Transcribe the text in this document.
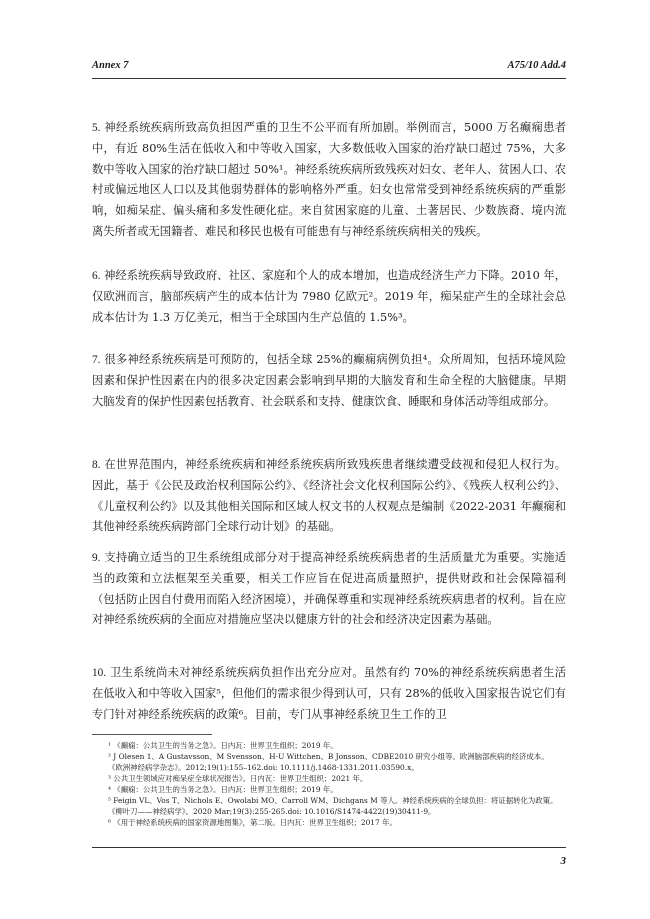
Annex 7	A75/10 Add.4

5. 神经系统疾病所致高负担因严重的卫生不公平而有所加剧。举例而言，5000 万名癫痫患者中，有近 80%生活在低收入和中等收入国家，大多数低收入国家的治疗缺口超过 75%，大多数中等收入国家的治疗缺口超过 50%¹。神经系统疾病所致残疾对妇女、老年人、贫困人口、农村或偏远地区人口以及其他弱势群体的影响格外严重。妇女也常常受到神经系统疾病的严重影响，如痴呆症、偏头痛和多发性硬化症。来自贫困家庭的儿童、土著居民、少数族裔、境内流离失所者或无国籍者、难民和移民也极有可能患有与神经系统疾病相关的残疾。

6. 神经系统疾病导致政府、社区、家庭和个人的成本增加，也造成经济生产力下降。2010 年，仅欧洲而言，脑部疾病产生的成本估计为 7980 亿欧元²。2019 年，痴呆症产生的全球社会总成本估计为 1.3 万亿美元，相当于全球国内生产总值的 1.5%³。

7. 很多神经系统疾病是可预防的，包括全球 25%的癫痫病例负担⁴。众所周知，包括环境风险因素和保护性因素在内的很多决定因素会影响到早期的大脑发育和生命全程的大脑健康。早期大脑发育的保护性因素包括教育、社会联系和支持、健康饮食、睡眠和身体活动等组成部分。

8. 在世界范围内，神经系统疾病和神经系统疾病所致残疾患者继续遭受歧视和侵犯人权行为。因此，基于《公民及政治权利国际公约》、《经济社会文化权利国际公约》、《残疾人权利公约》、《儿童权利公约》以及其他相关国际和区域人权文书的人权观点是编制《2022-2031 年癫痫和其他神经系统疾病跨部门全球行动计划》的基础。

9. 支持确立适当的卫生系统组成部分对于提高神经系统疾病患者的生活质量尤为重要。实施适当的政策和立法框架至关重要，相关工作应旨在促进高质量照护，提供财政和社会保障福利（包括防止因自付费用而陷入经济困境），并确保尊重和实现神经系统疾病患者的权利。旨在应对神经系统疾病的全面应对措施应坚决以健康方针的社会和经济决定因素为基础。

10. 卫生系统尚未对神经系统疾病负担作出充分应对。虽然有约 70%的神经系统疾病患者生活在低收入和中等收入国家⁵，但他们的需求很少得到认可，只有 28%的低收入国家报告说它们有专门针对神经系统疾病的政策⁶。目前，专门从事神经系统卫生工作的卫

¹ 《癫痫：公共卫生的当务之急》。日内瓦：世界卫生组织；2019 年。
² J Olesen 1、A Gustavsson、M Svensson、H-U Wittchen、B Jonsson、CDBE2010 研究小组等。欧洲脑部疾病的经济成本。《欧洲神经病学杂志》。2012;19(1):155–162.doi: 10.1111/j.1468-1331.2011.03590.x。
³ 公共卫生领域应对痴呆症全球状况报告》。日内瓦：世界卫生组织；2021 年。
⁴ 《癫痫：公共卫生的当务之急》。日内瓦：世界卫生组织；2019 年。
⁵ Feigin VL、Vos T、Nichols E、Owolabi MO、Carroll WM、Dichgans M 等人。神经系统疾病的全球负担：将证据转化为政策。《柳叶刀——神经病学》。2020 Mar;19(3):255-265.doi: 10.1016/S1474-4422(19)30411-9。
⁶ 《用于神经系统疾病的国家资源地图集》，第二版。日内瓦：世界卫生组织；2017 年。
3
